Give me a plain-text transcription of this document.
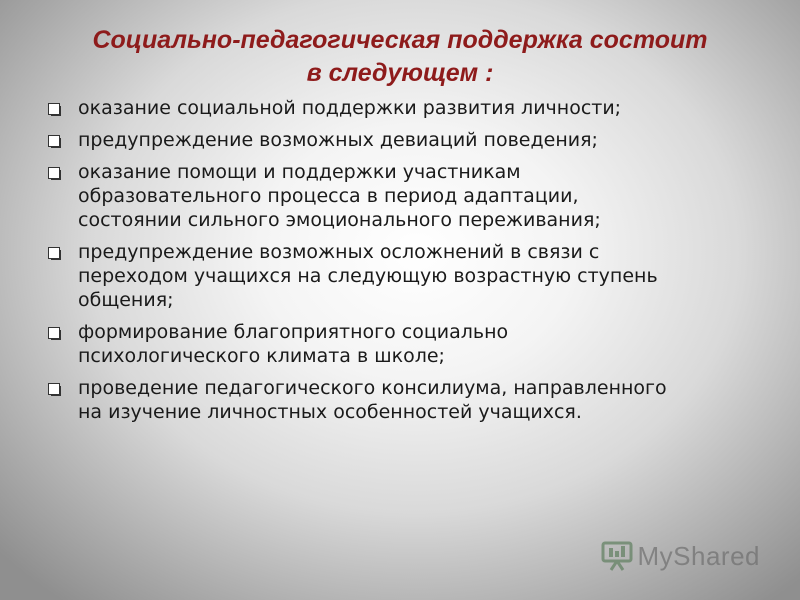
Социально-педагогическая поддержка состоит
в следующем :
оказание социальной поддержки развития личности;
предупреждение возможных девиаций поведения;
оказание помощи и поддержки участникам
образовательного процесса в период адаптации,
состоянии сильного эмоционального переживания;
предупреждение возможных осложнений в связи с
переходом учащихся на следующую возрастную ступень
общения;
формирование благоприятного социально
психологического климата в школе;
проведение педагогического консилиума, направленного
на изучение личностных особенностей учащихся.
MyShared
